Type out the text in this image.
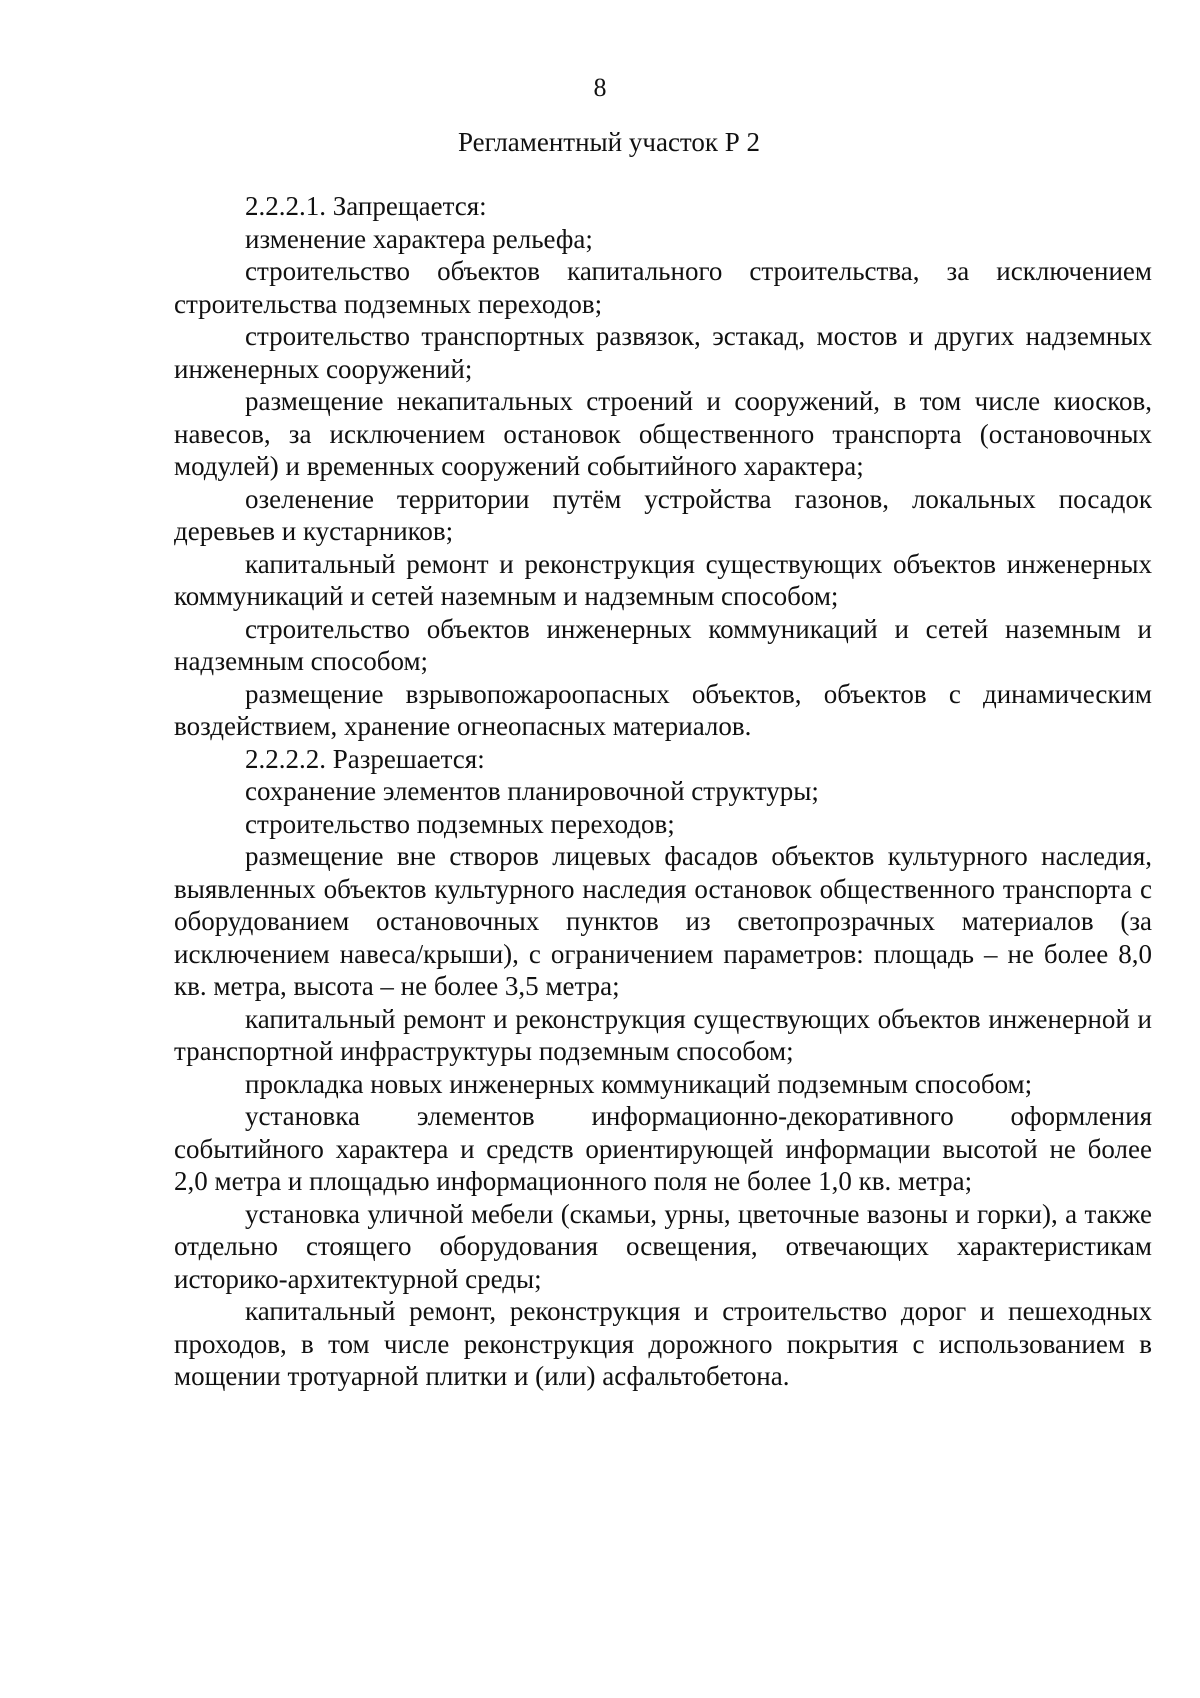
8
Регламентный участок Р 2

2.2.2.1. Запрещается:

изменение характера рельефа;

строительство объектов капитального строительства, за исключением строительства подземных переходов;

строительство транспортных развязок, эстакад, мостов и других надземных инженерных сооружений;

размещение некапитальных строений и сооружений, в том числе киосков, навесов, за исключением остановок общественного транспорта (остановочных модулей) и временных сооружений событийного характера;

озеленение территории путём устройства газонов, локальных посадок деревьев и кустарников;

капитальный ремонт и реконструкция существующих объектов инженерных коммуникаций и сетей наземным и надземным способом;

строительство объектов инженерных коммуникаций и сетей наземным и надземным способом;

размещение взрывопожароопасных объектов, объектов с динамическим воздействием, хранение огнеопасных материалов.

2.2.2.2. Разрешается:

сохранение элементов планировочной структуры;

строительство подземных переходов;

размещение вне створов лицевых фасадов объектов культурного наследия, выявленных объектов культурного наследия остановок общественного транспорта с оборудованием остановочных пунктов из светопрозрачных материалов (за исключением навеса/крыши), с ограничением параметров: площадь – не более 8,0 кв. метра, высота – не более 3,5 метра;

капитальный ремонт и реконструкция существующих объектов инженерной и транспортной инфраструктуры подземным способом;

прокладка новых инженерных коммуникаций подземным способом;

установка элементов информационно-декоративного оформления событийного характера и средств ориентирующей информации высотой не более 2,0 метра и площадью информационного поля не более 1,0 кв. метра;

установка уличной мебели (скамьи, урны, цветочные вазоны и горки), а также отдельно стоящего оборудования освещения, отвечающих характеристикам историко-архитектурной среды;

капитальный ремонт, реконструкция и строительство дорог и пешеходных проходов, в том числе реконструкция дорожного покрытия с использованием в мощении тротуарной плитки и (или) асфальтобетона.
